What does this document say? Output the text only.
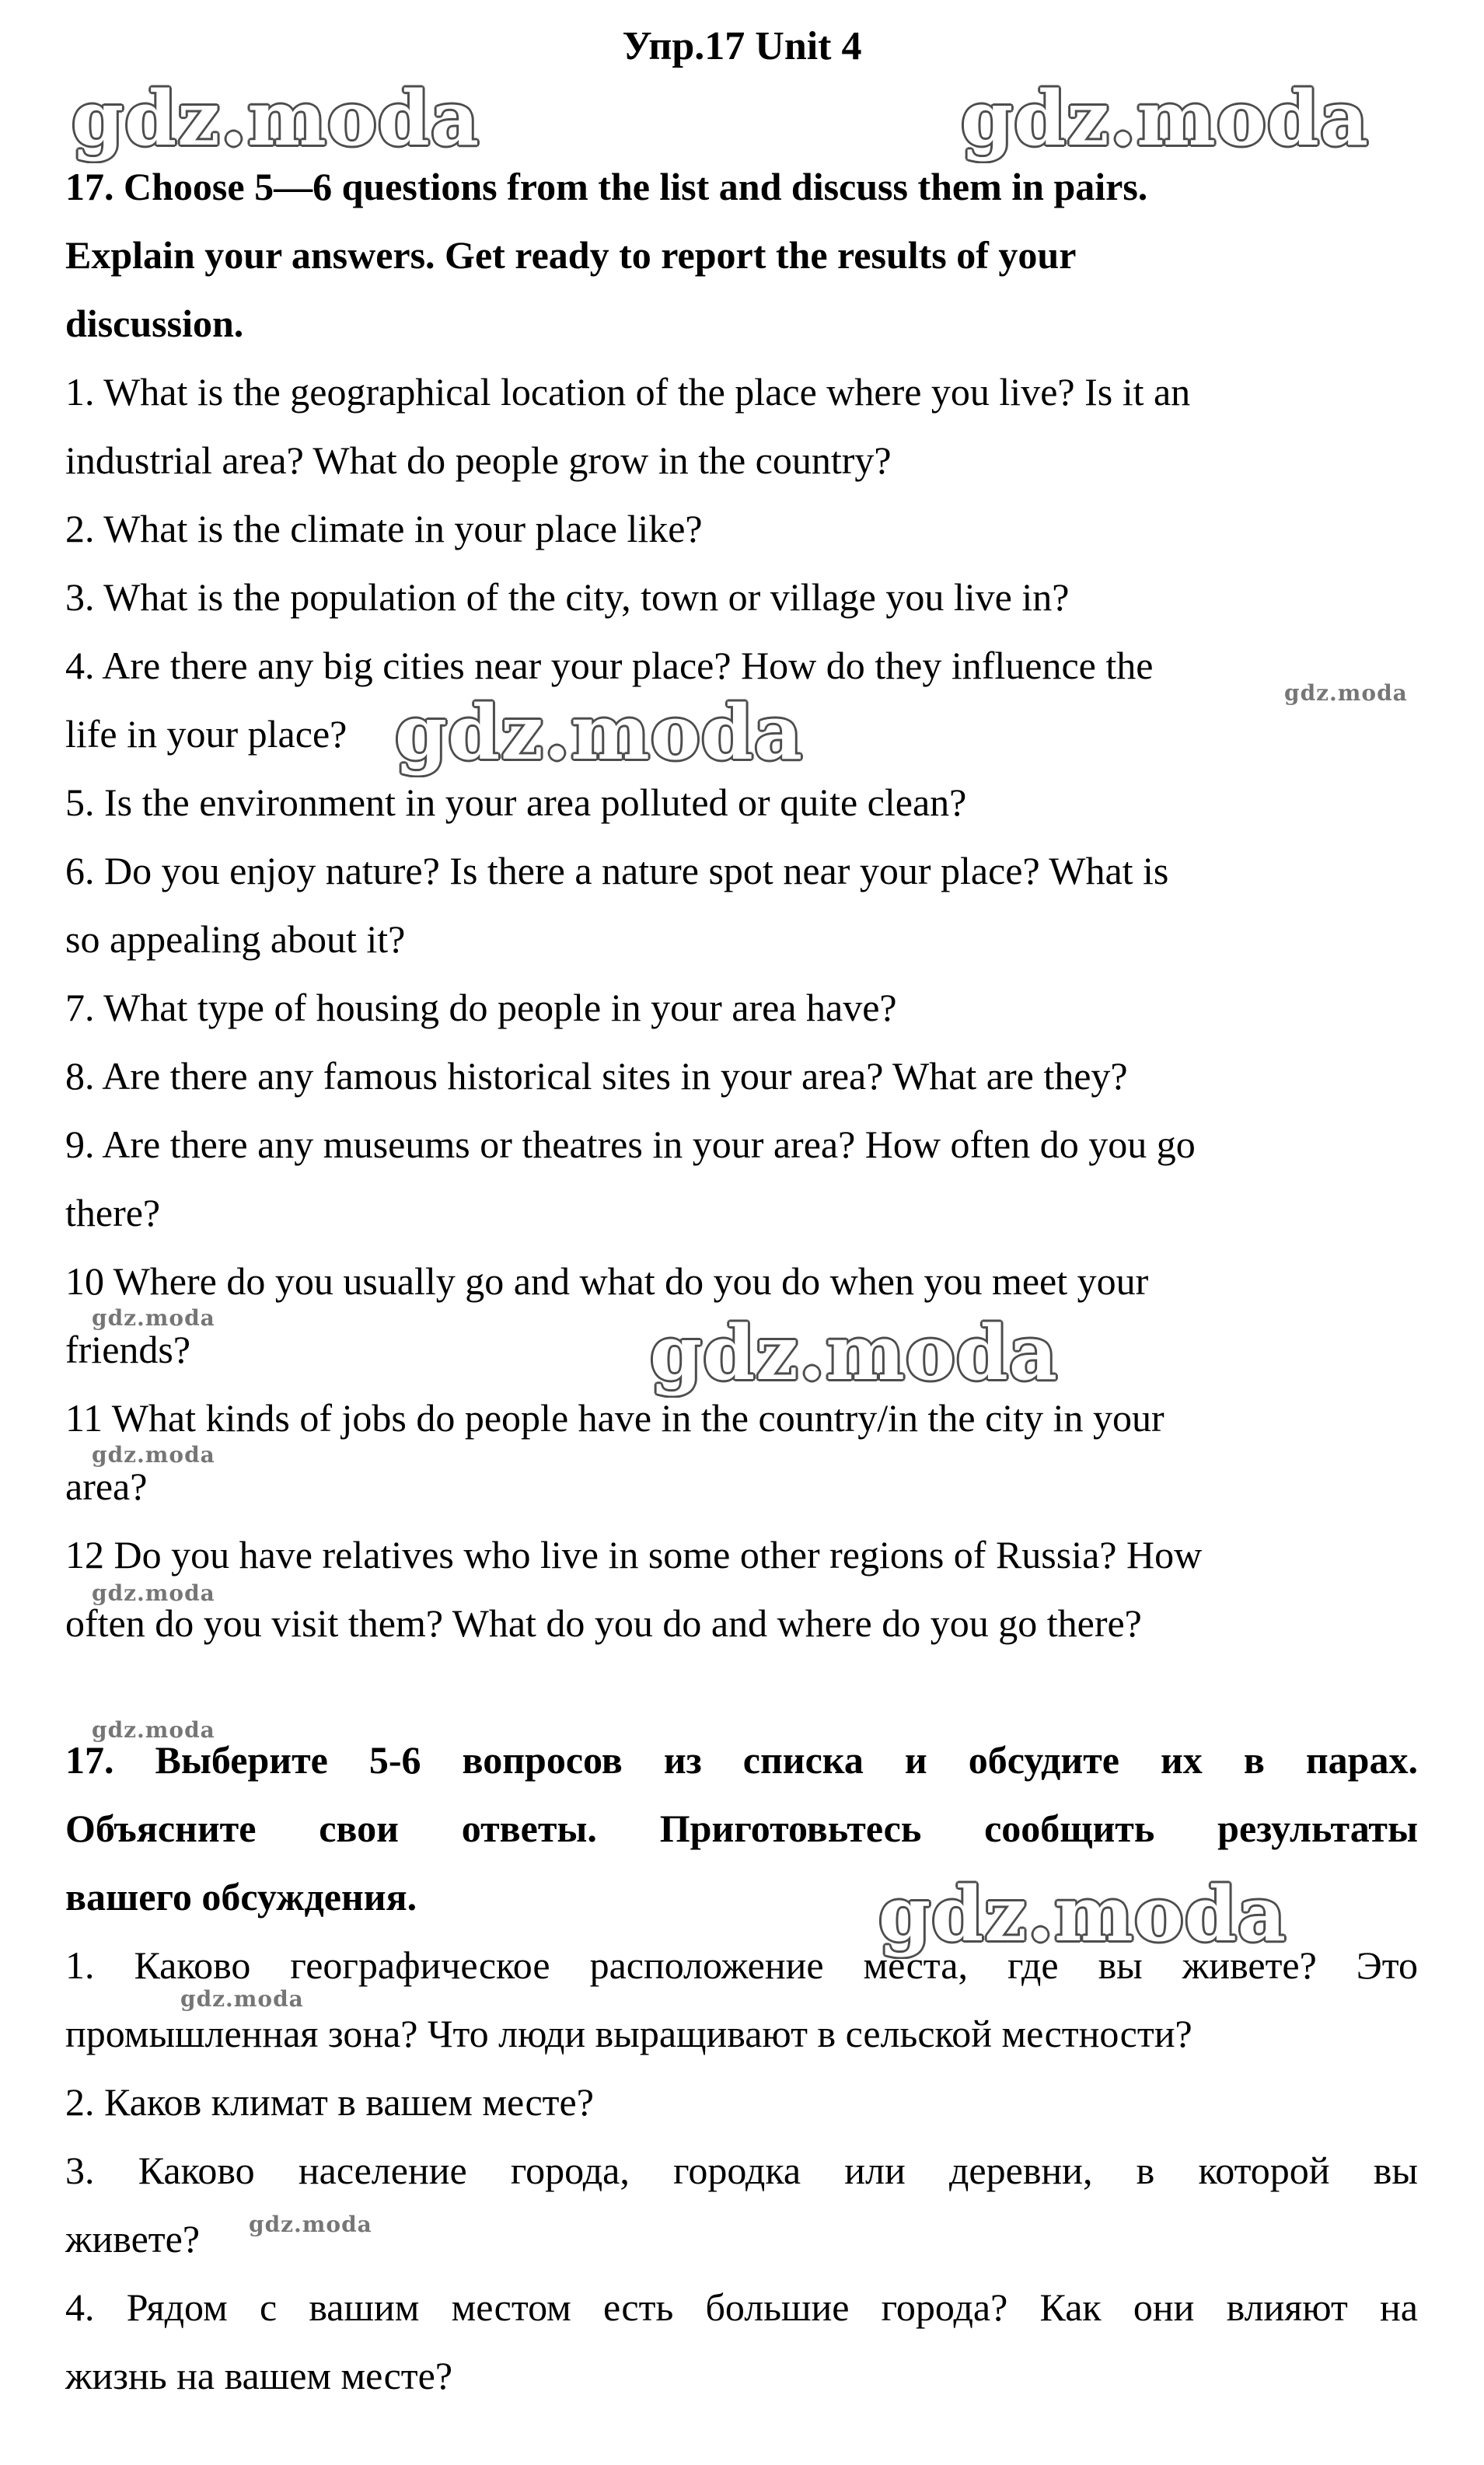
Упр.17 Unit 4
17. Choose 5—6 questions from the list and discuss them in pairs.
Explain your answers. Get ready to report the results of your
discussion.
1. What is the geographical location of the place where you live? Is it an
industrial area? What do people grow in the country?
2. What is the climate in your place like?
3. What is the population of the city, town or village you live in?
4. Are there any big cities near your place? How do they influence the
life in your place?
5. Is the environment in your area polluted or quite clean?
6. Do you enjoy nature? Is there a nature spot near your place? What is
so appealing about it?
7. What type of housing do people in your area have?
8. Are there any famous historical sites in your area? What are they?
9. Are there any museums or theatres in your area? How often do you go
there?
10 Where do you usually go and what do you do when you meet your
friends?
11 What kinds of jobs do people have in the country/in the city in your
area?
12 Do you have relatives who live in some other regions of Russia? How
often do you visit them? What do you do and where do you go there?
17. Выберите 5-6 вопросов из списка и обсудите их в парах.
Объясните свои ответы. Приготовьтесь сообщить результаты
вашего обсуждения.
1. Каково географическое расположение места, где вы живете? Это
промышленная зона? Что люди выращивают в сельской местности?
2. Каков климат в вашем месте?
3. Каково население города, городка или деревни, в которой вы
живете?
4. Рядом с вашим местом есть большие города? Как они влияют на
жизнь на вашем месте?
gdz.moda	gdz.moda
gdz.moda
gdz.moda
gdz.moda
gdz.moda
gdz.moda
gdz.moda
gdz.moda
gdz.moda
gdz.moda
gdz.moda
